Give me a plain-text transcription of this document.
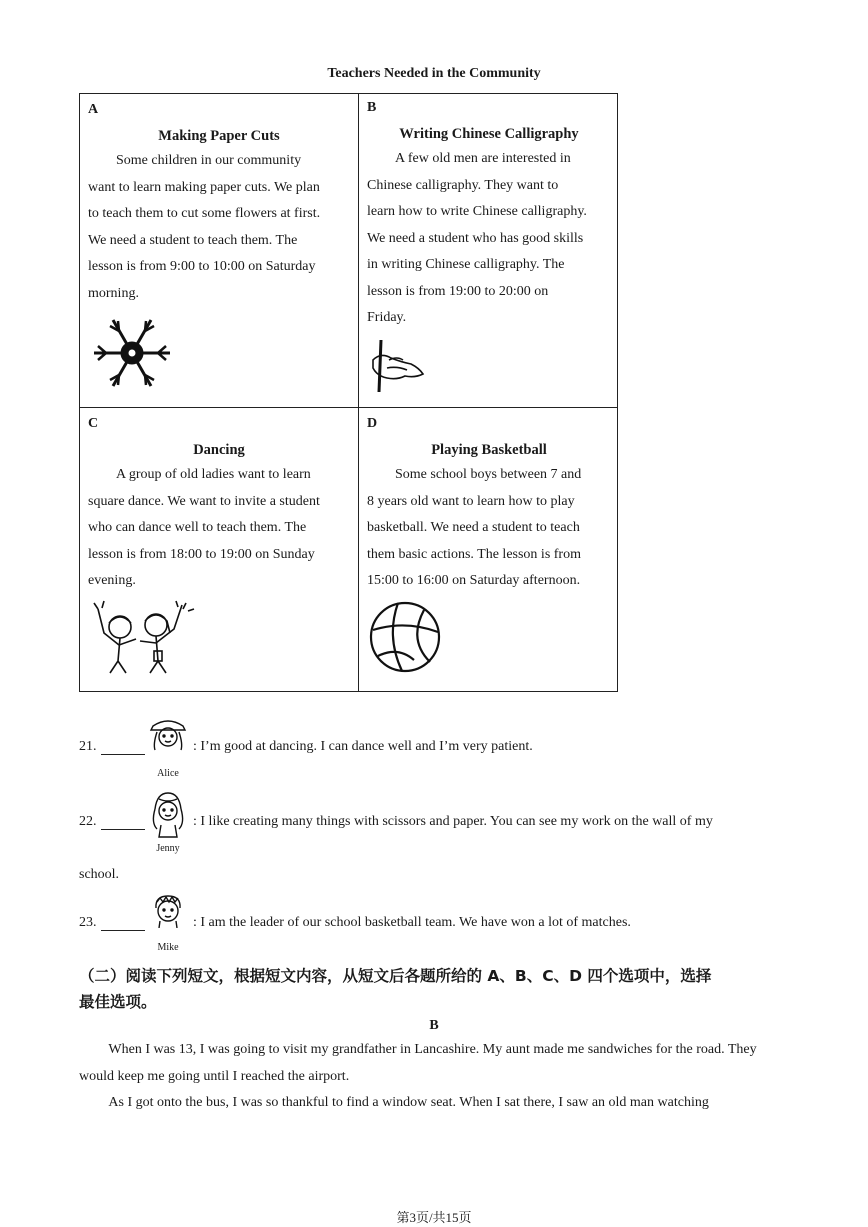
Teachers Needed in the Community
A
Making Paper Cuts
Some children in our community
want to learn making paper cuts. We plan
to teach them to cut some flowers at first.
We need a student to teach them. The
lesson is from 9:00 to 10:00 on Saturday
morning.
B
Writing Chinese Calligraphy
A few old men are interested in
Chinese calligraphy. They want to
learn how to write Chinese calligraphy.
We need a student who has good skills
in writing Chinese calligraphy. The
lesson is from 19:00 to 20:00 on
Friday.
C
Dancing
A group of old ladies want to learn
square dance. We want to invite a student
who can dance well to teach them. The
lesson is from 18:00 to 19:00 on Sunday
evening.
D
Playing Basketball
Some school boys between 7 and
8 years old want to learn how to play
basketball. We need a student to teach
them basic actions. The lesson is from
15:00 to 16:00 on Saturday afternoon.
21.
Alice
: I’m good at dancing. I can dance well and I’m very patient.
22.
Jenny
: I like creating many things with scissors and paper. You can see my work on the wall of my
school.
23.
Mike
: I am the leader of our school basketball team. We have won a lot of matches.
（二）阅读下列短文，根据短文内容，从短文后各题所给的 A、B、C、D 四个选项中，选择
最佳选项。
B
When I was 13, I was going to visit my grandfather in Lancashire. My aunt made me sandwiches for the road. They would keep me going until I reached the airport.
As I got onto the bus, I was so thankful to find a window seat. When I sat there, I saw an old man watching
第3页/共15页
